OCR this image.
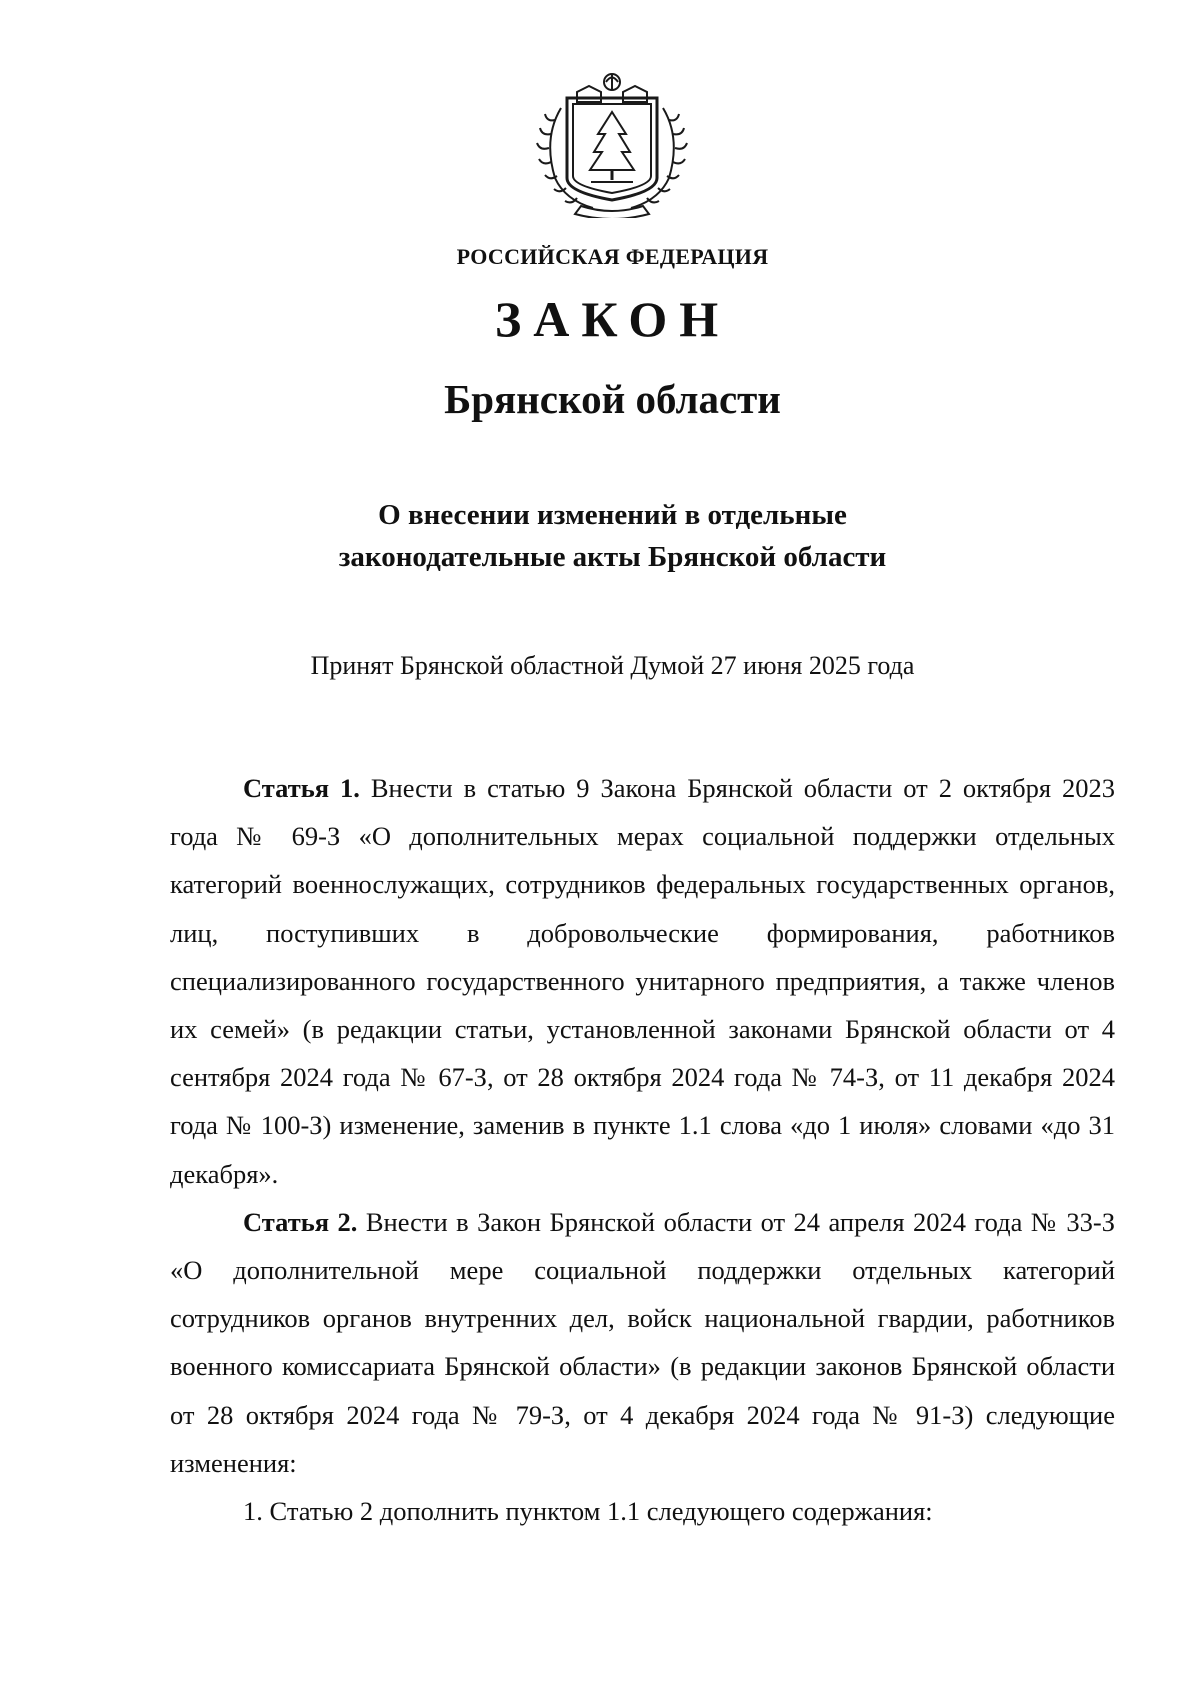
РОССИЙСКАЯ ФЕДЕРАЦИЯ
ЗАКОН
Брянской области
О внесении изменений в отдельные
законодательные акты Брянской области
Принят Брянской областной Думой 27 июня 2025 года

Статья 1. Внести в статью 9 Закона Брянской области от 2 октября 2023 года № 69-З «О дополнительных мерах социальной поддержки отдельных категорий военнослужащих, сотрудников федеральных государственных органов, лиц, поступивших в добровольческие формирования, работников специализированного государственного унитарного предприятия, а также членов их семей» (в редакции статьи, установленной законами Брянской области от 4 сентября 2024 года № 67-З, от 28 октября 2024 года № 74-З, от 11 декабря 2024 года № 100-З) изменение, заменив в пункте 1.1 слова «до 1 июля» словами «до 31 декабря».

Статья 2. Внести в Закон Брянской области от 24 апреля 2024 года № 33-З «О дополнительной мере социальной поддержки отдельных категорий сотрудников органов внутренних дел, войск национальной гвардии, работников военного комиссариата Брянской области» (в редакции законов Брянской области от 28 октября 2024 года № 79-З, от 4 декабря 2024 года № 91-З) следующие изменения:

1. Статью 2 дополнить пунктом 1.1 следующего содержания:
